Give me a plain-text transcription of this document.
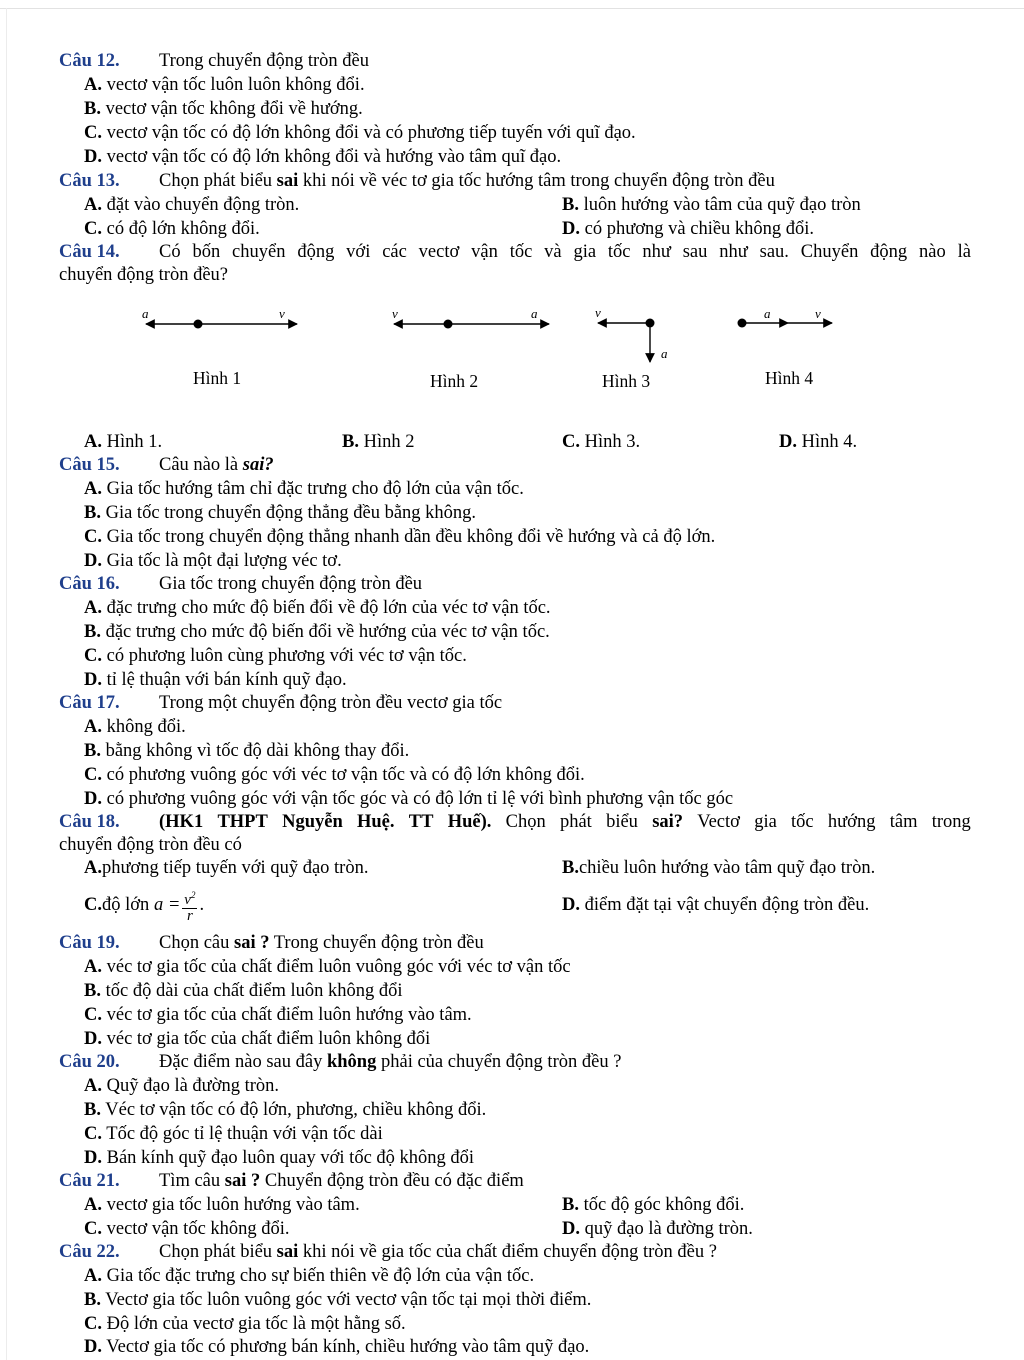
Câu 12. Trong chuyển động tròn đều
A. vectơ vận tốc luôn luôn không đổi.
B. vectơ vận tốc không đổi về hướng.
C. vectơ vận tốc có độ lớn không đổi và có phương tiếp tuyến với quĩ đạo.
D. vectơ vận tốc có độ lớn không đổi và hướng vào tâm quĩ đạo.
Câu 13. Chọn phát biểu sai khi nói về véc tơ gia tốc hướng tâm trong chuyển động tròn đều
A. đặt vào chuyển động tròn.	B. luôn hướng vào tâm của quỹ đạo tròn
C. có độ lớn không đổi.	D. có phương và chiều không đổi.
Câu 14.	Có bốn chuyển động với các vectơ vận tốc và gia tốc như sau như sau. Chuyển động nào là
chuyển động tròn đều?
a	v	v	a	v
a
a	v
Hình 1	Hình 2	Hình 3	Hình 4
A. Hình 1.	B. Hình 2	C. Hình 3.	D. Hình 4.
Câu 15. Câu nào là sai?
A. Gia tốc hướng tâm chỉ đặc trưng cho độ lớn của vận tốc.
B. Gia tốc trong chuyển động thẳng đều bằng không.
C. Gia tốc trong chuyển động thẳng nhanh dần đều không đổi về hướng và cả độ lớn.
D. Gia tốc là một đại lượng véc tơ.
Câu 16. Gia tốc trong chuyển động tròn đều
A. đặc trưng cho mức độ biến đổi về độ lớn của véc tơ vận tốc.
B. đặc trưng cho mức độ biến đổi về hướng của véc tơ vận tốc.
C. có phương luôn cùng phương với véc tơ vận tốc.
D. tỉ lệ thuận với bán kính quỹ đạo.
Câu 17. Trong một chuyển động tròn đều vectơ gia tốc
A. không đổi.
B. bằng không vì tốc độ dài không thay đổi.
C. có phương vuông góc với véc tơ vận tốc và có độ lớn không đổi.
D. có phương vuông góc với vận tốc góc và có độ lớn tỉ lệ với bình phương vận tốc góc
Câu 18.	(HK1 THPT Nguyễn Huệ. TT Huế). Chọn phát biểu sai? Vectơ gia tốc hướng tâm trong
chuyển động tròn đều có
A.phương tiếp tuyến với quỹ đạo tròn.	B.chiều luôn hướng vào tâm quỹ đạo tròn.
C.độ lớn $a = \frac{v^2}{r}$ .	D. điểm đặt tại vật chuyển động tròn đều.
Câu 19. Chọn câu sai ? Trong chuyển động tròn đều
A. véc tơ gia tốc của chất điểm luôn vuông góc với véc tơ vận tốc
B. tốc độ dài của chất điểm luôn không đổi
C. véc tơ gia tốc của chất điểm luôn hướng vào tâm.
D. véc tơ gia tốc của chất điểm luôn không đổi
Câu 20. Đặc điểm nào sau đây không phải của chuyển động tròn đều ?
A. Quỹ đạo là đường tròn.
B. Véc tơ vận tốc có độ lớn, phương, chiều không đổi.
C. Tốc độ góc tỉ lệ thuận với vận tốc dài
D. Bán kính quỹ đạo luôn quay với tốc độ không đổi
Câu 21. Tìm câu sai ? Chuyển động tròn đều có đặc điểm
A. vectơ gia tốc luôn hướng vào tâm.	B. tốc độ góc không đổi.
C. vectơ vận tốc không đổi.	D. quỹ đạo là đường tròn.
Câu 22. Chọn phát biểu sai khi nói về gia tốc của chất điểm chuyển động tròn đều ?
A. Gia tốc đặc trưng cho sự biến thiên về độ lớn của vận tốc.
B. Vectơ gia tốc luôn vuông góc với vectơ vận tốc tại mọi thời điểm.
C. Độ lớn của vectơ gia tốc là một hằng số.
D. Vectơ gia tốc có phương bán kính, chiều hướng vào tâm quỹ đạo.
